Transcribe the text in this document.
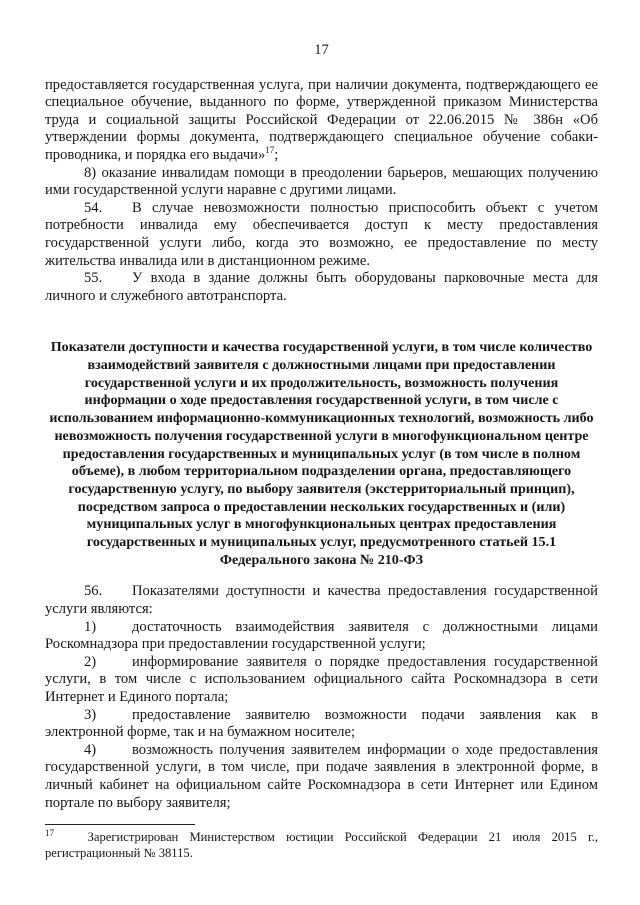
17

предоставляется государственная услуга, при наличии документа, подтверждающего ее специальное обучение, выданного по форме, утвержденной приказом Министерства труда и социальной защиты Российской Федерации от 22.06.2015 № 386н «Об утверждении формы документа, подтверждающего специальное обучение собаки-проводника, и порядка его выдачи»$^{17}$;

8) оказание инвалидам помощи в преодолении барьеров, мешающих получению ими государственной услуги наравне с другими лицами.

54. В случае невозможности полностью приспособить объект с учетом потребности инвалида ему обеспечивается доступ к месту предоставления государственной услуги либо, когда это возможно, ее предоставление по месту жительства инвалида или в дистанционном режиме.

55. У входа в здание должны быть оборудованы парковочные места для личного и служебного автотранспорта.

Показатели доступности и качества государственной услуги, в том числе количество взаимодействий заявителя с должностными лицами при предоставлении государственной услуги и их продолжительность, возможность получения информации о ходе предоставления государственной услуги, в том числе с использованием информационно-коммуникационных технологий, возможность либо невозможность получения государственной услуги в многофункциональном центре предоставления государственных и муниципальных услуг (в том числе в полном объеме), в любом территориальном подразделении органа, предоставляющего государственную услугу, по выбору заявителя (экстерриториальный принцип), посредством запроса о предоставлении нескольких государственных и (или) муниципальных услуг в многофункциональных центрах предоставления государственных и муниципальных услуг, предусмотренного статьей 15.1 Федерального закона № 210-ФЗ

56. Показателями доступности и качества предоставления государственной услуги являются:

1) достаточность взаимодействия заявителя с должностными лицами Роскомнадзора при предоставлении государственной услуги;

2) информирование заявителя о порядке предоставления государственной услуги, в том числе с использованием официального сайта Роскомнадзора в сети Интернет и Единого портала;

3) предоставление заявителю возможности подачи заявления как в электронной форме, так и на бумажном носителе;

4) возможность получения заявителем информации о ходе предоставления государственной услуги, в том числе, при подаче заявления в электронной форме, в личный кабинет на официальном сайте Роскомнадзора в сети Интернет или Едином портале по выбору заявителя;

$^{17}$	Зарегистрирован Министерством юстиции Российской Федерации 21 июля 2015 г., регистрационный № 38115.
